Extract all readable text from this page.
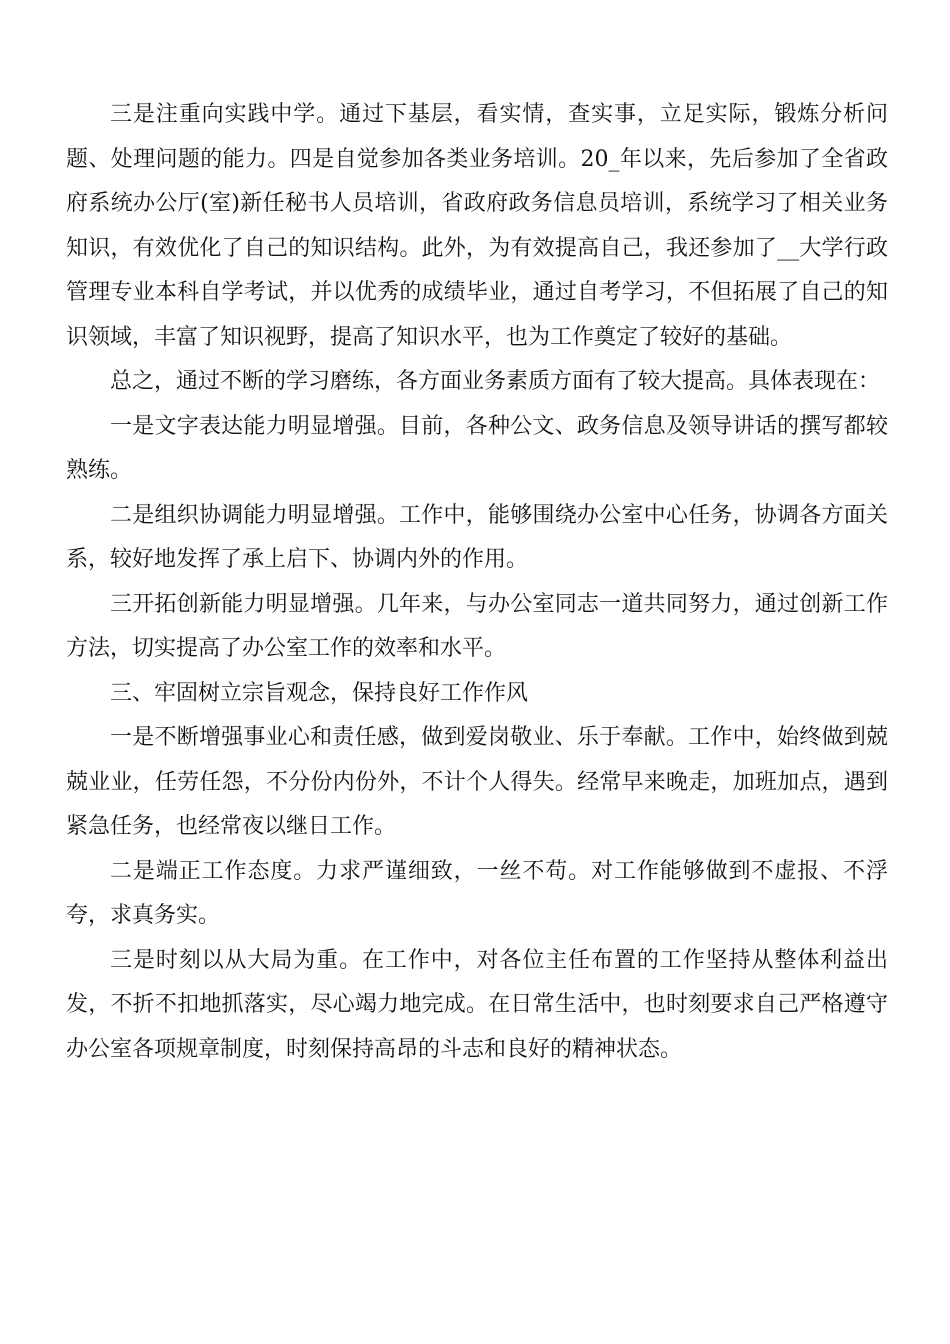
三是注重向实践中学。通过下基层，看实情，查实事，立足实际，锻炼分析问题、处理问题的能力。四是自觉参加各类业务培训。20_年以来，先后参加了全省政府系统办公厅(室)新任秘书人员培训，省政府政务信息员培训，系统学习了相关业务知识，有效优化了自己的知识结构。此外，为有效提高自己，我还参加了__大学行政管理专业本科自学考试，并以优秀的成绩毕业，通过自考学习，不但拓展了自己的知识领域，丰富了知识视野，提高了知识水平，也为工作奠定了较好的基础。

总之，通过不断的学习磨练，各方面业务素质方面有了较大提高。具体表现在：

一是文字表达能力明显增强。目前，各种公文、政务信息及领导讲话的撰写都较熟练。

二是组织协调能力明显增强。工作中，能够围绕办公室中心任务，协调各方面关系，较好地发挥了承上启下、协调内外的作用。

三开拓创新能力明显增强。几年来，与办公室同志一道共同努力，通过创新工作方法，切实提高了办公室工作的效率和水平。

三、牢固树立宗旨观念，保持良好工作作风

一是不断增强事业心和责任感，做到爱岗敬业、乐于奉献。工作中，始终做到兢兢业业，任劳任怨，不分份内份外，不计个人得失。经常早来晚走，加班加点，遇到紧急任务，也经常夜以继日工作。

二是端正工作态度。力求严谨细致，一丝不苟。对工作能够做到不虚报、不浮夸，求真务实。

三是时刻以从大局为重。在工作中，对各位主任布置的工作坚持从整体利益出发，不折不扣地抓落实，尽心竭力地完成。在日常生活中，也时刻要求自己严格遵守办公室各项规章制度，时刻保持高昂的斗志和良好的精神状态。
